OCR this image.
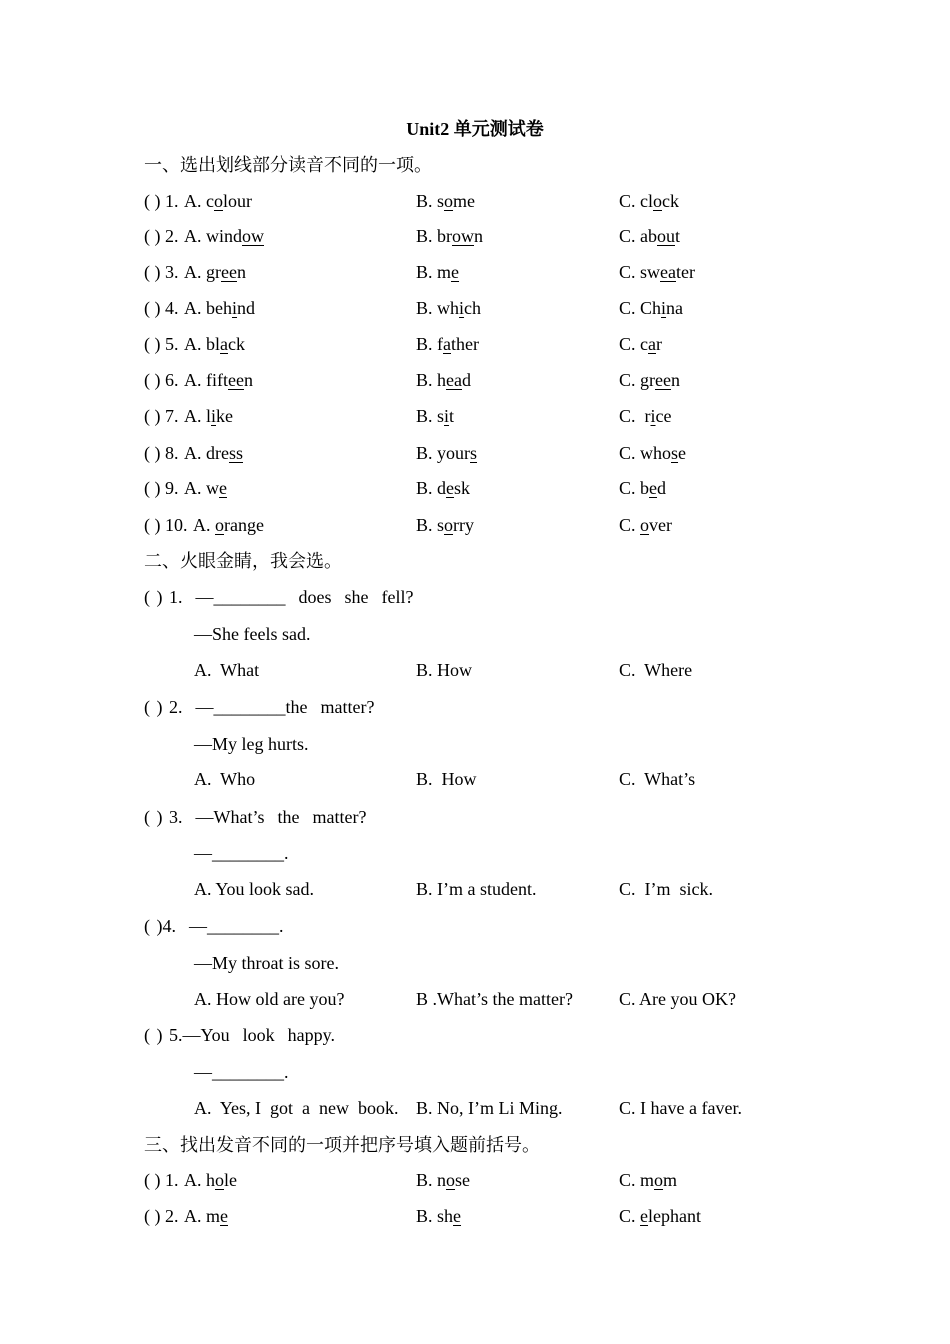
Unit2 单元测试卷
一、选出划线部分读音不同的一项。
( ) 1. A. colour	B. some	C. clock
( ) 2. A. window	B. brown	C. about
( ) 3. A. green	B. me	C. sweater
( ) 4. A. behind	B. which	C. China
( ) 5. A. black	B. father	C. car
( ) 6. A. fifteen	B. head	C. green
( ) 7. A. like	B. sit	C.  rice
( ) 8. A. dress	B. yours	C. whose
( ) 9. A. we	B. desk	C. bed
( ) 10. A. orange	B. sorry	C. over
二、火眼金睛，我会选。
( ) 1.  —________  does  she  fell?
—She feels sad.
A.  What	B. How	C.  Where
( ) 2.  —________the  matter?
—My leg hurts.
A.  Who	B.  How	C.  What’s
( ) 3.  —What’s  the  matter?
—________.
A. You look sad.	B. I’m a student.	C.  I’m  sick.
( )4.  —________.
—My throat is sore.
A. How old are you?	B .What’s the matter?	C. Are you OK?
( ) 5.—You  look  happy.
—________.
A.  Yes, I  got  a  new  book. B. No, I’m Li Ming.	C. I have a faver.
三、找出发音不同的一项并把序号填入题前括号。
( ) 1. A. hole	B. nose	C. mom
( ) 2. A. me	B. she	C. elephant
